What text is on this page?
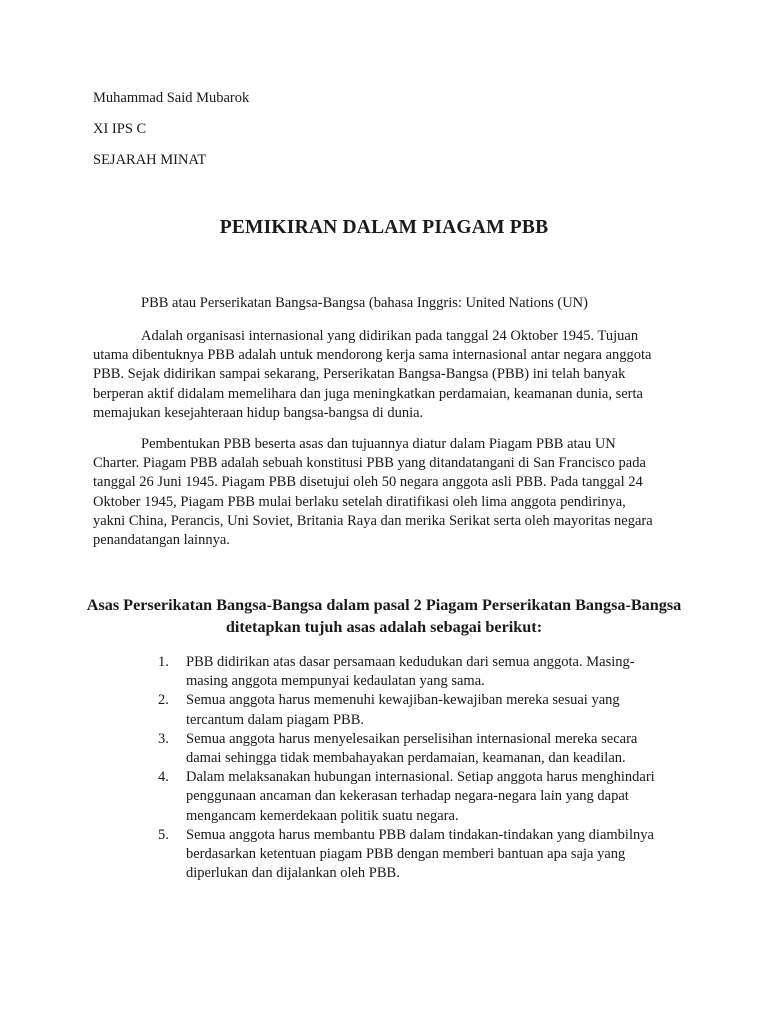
Muhammad Said Mubarok
XI IPS C
SEJARAH MINAT
PEMIKIRAN DALAM PIAGAM PBB

PBB atau Perserikatan Bangsa-Bangsa (bahasa Inggris: United Nations (UN)

Adalah organisasi internasional yang didirikan pada tanggal 24 Oktober 1945. Tujuan utama dibentuknya PBB adalah untuk mendorong kerja sama internasional antar negara anggota PBB. Sejak didirikan sampai sekarang, Perserikatan Bangsa-Bangsa (PBB) ini telah banyak berperan aktif didalam memelihara dan juga meningkatkan perdamaian, keamanan dunia, serta memajukan kesejahteraan hidup bangsa-bangsa di dunia.

Pembentukan PBB beserta asas dan tujuannya diatur dalam Piagam PBB atau UN Charter. Piagam PBB adalah sebuah konstitusi PBB yang ditandatangani di San Francisco pada tanggal 26 Juni 1945. Piagam PBB disetujui oleh 50 negara anggota asli PBB. Pada tanggal 24 Oktober 1945, Piagam PBB mulai berlaku setelah diratifikasi oleh lima anggota pendirinya, yakni China, Perancis, Uni Soviet, Britania Raya dan merika Serikat serta oleh mayoritas negara penandatangan lainnya.

Asas Perserikatan Bangsa-Bangsa dalam pasal 2 Piagam Perserikatan Bangsa-Bangsa ditetapkan tujuh asas adalah sebagai berikut:
1. PBB didirikan atas dasar persamaan kedudukan dari semua anggota. Masing-masing anggota mempunyai kedaulatan yang sama.
2. Semua anggota harus memenuhi kewajiban-kewajiban mereka sesuai yang tercantum dalam piagam PBB.
3. Semua anggota harus menyelesaikan perselisihan internasional mereka secara damai sehingga tidak membahayakan perdamaian, keamanan, dan keadilan.
4. Dalam melaksanakan hubungan internasional. Setiap anggota harus menghindari penggunaan ancaman dan kekerasan terhadap negara-negara lain yang dapat mengancam kemerdekaan politik suatu negara.
5. Semua anggota harus membantu PBB dalam tindakan-tindakan yang diambilnya berdasarkan ketentuan piagam PBB dengan memberi bantuan apa saja yang diperlukan dan dijalankan oleh PBB.
